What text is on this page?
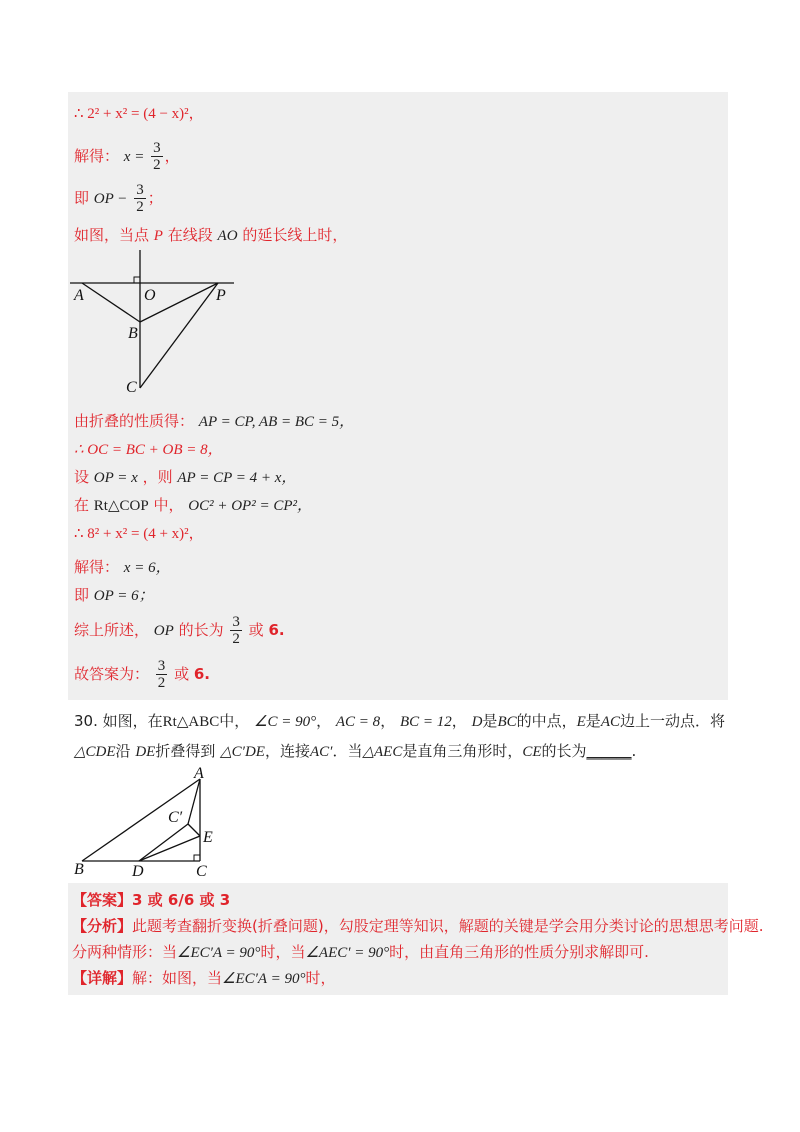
∴ 2² + x² = (4 − x)²，
解得： $x = \frac{3}{2}$ ，
即 OP − $\frac{3}{2}$ ；
如图，当点 P 在线段 AO 的延长线上时，
A	O	P
B
C
由折叠的性质得： AP = CP, AB = BC = 5，
∴ OC = BC + OB = 8，
设 OP = x ，则 AP = CP = 4 + x，
在 Rt△COP 中， OC² + OP² = CP²，
∴ 8² + x² = (4 + x)²，
解得： x = 6，
即 OP = 6；
综上所述， OP 的长为 $\frac{3}{2}$ 或 6.
故答案为： $\frac{3}{2}$ 或 6.
30. 如图，在Rt△ABC中， ∠C = 90°， AC = 8， BC = 12， D是BC的中点，E是AC边上一动点．将
△CDE沿 DE折叠得到 △C′DE，连接AC′．当△AEC是直角三角形时，CE的长为______.
A
C′
E
B	D	C
【答案】3 或 6/6 或 3
【分析】此题考查翻折变换(折叠问题)，勾股定理等知识，解题的关键是学会用分类讨论的思想思考问题.
分两种情形：当∠EC′A = 90°时，当∠AEC′ = 90°时，由直角三角形的性质分别求解即可.
【详解】解：如图，当∠EC′A = 90°时，
